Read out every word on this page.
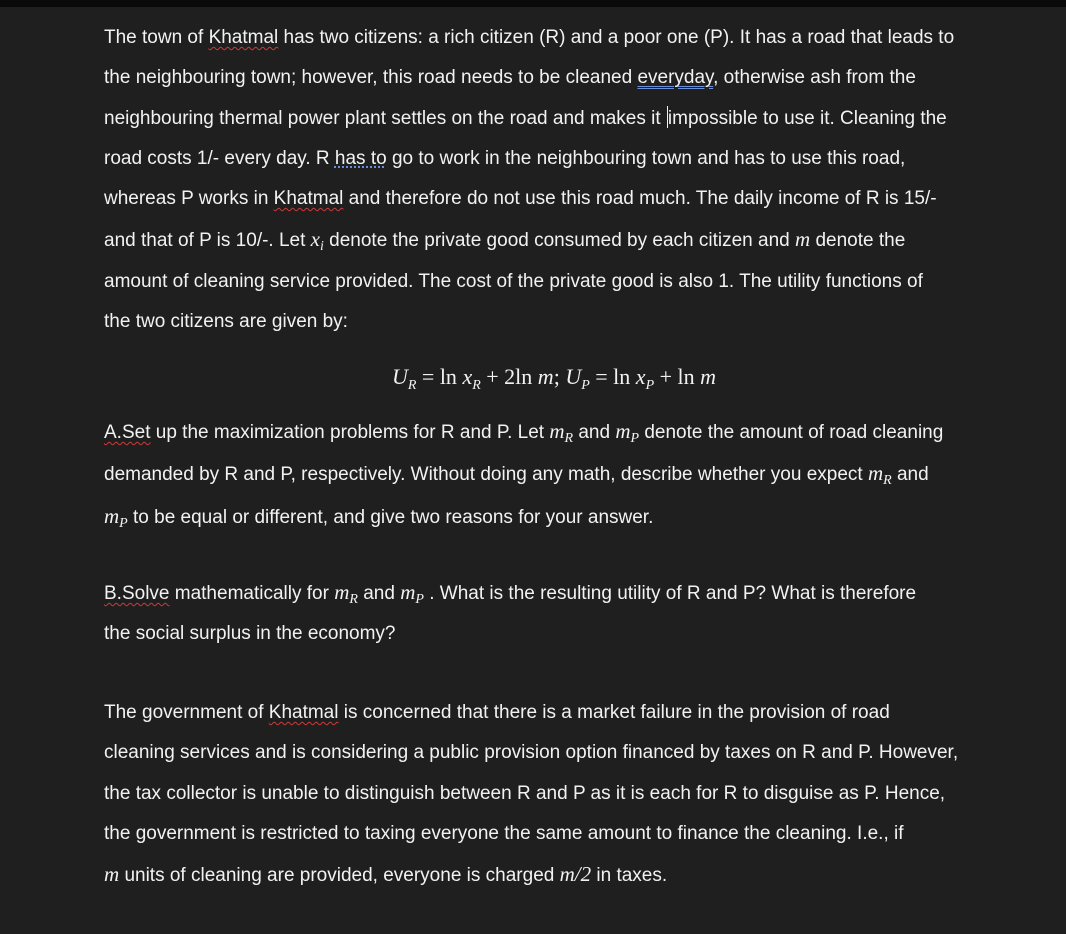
The town of Khatmal has two citizens: a rich citizen (R) and a poor one (P). It has a road that leads to
the neighbouring town; however, this road needs to be cleaned everyday, otherwise ash from the
neighbouring thermal power plant settles on the road and makes it impossible to use it. Cleaning the
road costs 1/- every day. R has to go to work in the neighbouring town and has to use this road,
whereas P works in Khatmal and therefore do not use this road much. The daily income of R is 15/-
and that of P is 10/-. Let $x_i$ denote the private good consumed by each citizen and m denote the
amount of cleaning service provided. The cost of the private good is also 1. The utility functions of
the two citizens are given by:
$U_R = \ln x_R + 2\ln$ m; $U_P = \ln x_P + \ln m$
A.Set up the maximization problems for R and P. Let $m_R$ and $m_P$ denote the amount of road cleaning
demanded by R and P, respectively. Without doing any math, describe whether you expect $m_R$ and
$m_P$ to be equal or different, and give two reasons for your answer.
B.Solve mathematically for $m_R$ and $m_P$ . What is the resulting utility of R and P? What is therefore
the social surplus in the economy?
The government of Khatmal is concerned that there is a market failure in the provision of road
cleaning services and is considering a public provision option financed by taxes on R and P. However,
the tax collector is unable to distinguish between R and P as it is each for R to disguise as P. Hence,
the government is restricted to taxing everyone the same amount to finance the cleaning. I.e., if
m units of cleaning are provided, everyone is charged m/2 in taxes.
